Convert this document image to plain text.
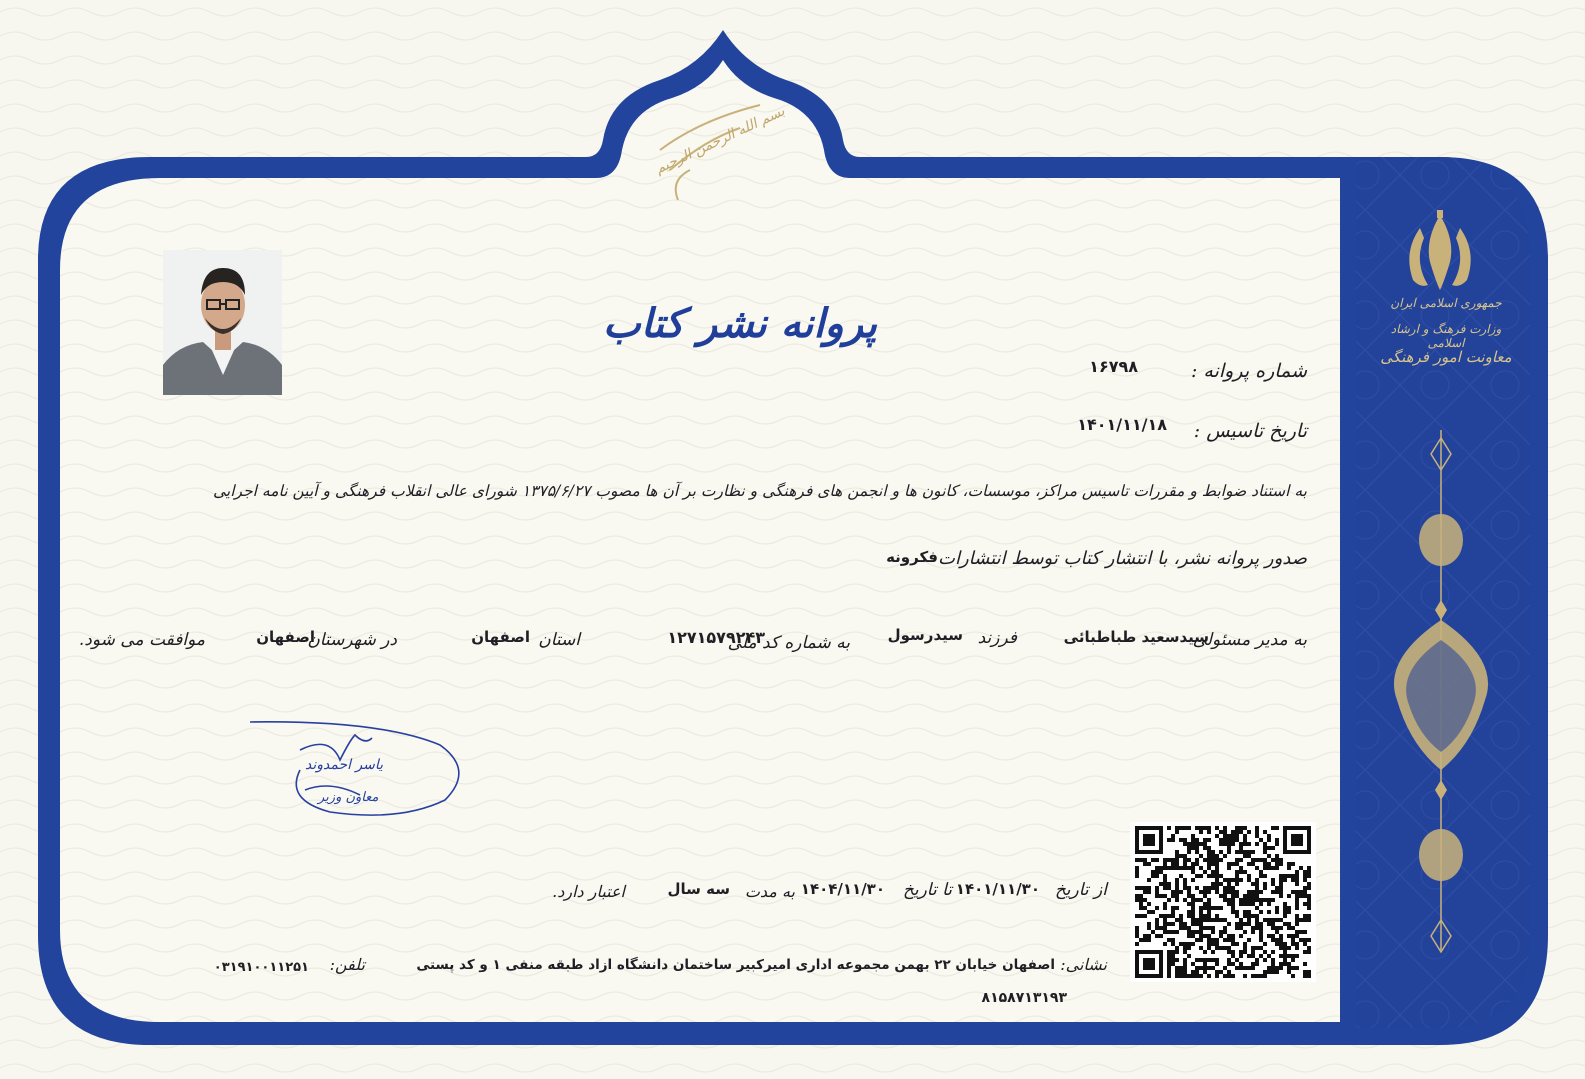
بسم الله الرحمن الرحیم
پروانه نشر کتاب
شماره پروانه :
۱۶۷۹۸
تاریخ تاسیس :
۱۴۰۱/۱۱/۱۸
به استناد ضوابط و مقررات تاسیس مراکز، موسسات، کانون ها و انجمن های فرهنگی و نظارت بر آن ها مصوب ۱۳۷۵/۶/۲۷ شورای عالی انقلاب فرهنگی و آیین نامه اجرایی
صدور پروانه نشر، با انتشار کتاب توسط انتشارات
فکرونه
به مدیر مسئولی
سیدسعید طباطبائی
فرزند
سیدرسول
به شماره کد ملی
۱۲۷۱۵۷۹۲۴۳
استان
اصفهان
در شهرستان
اصفهان
موافقت می شود.
یاسر احمدوند
معاون وزیر
از تاریخ
۱۴۰۱/۱۱/۳۰
تا تاریخ
۱۴۰۴/۱۱/۳۰
به مدت
سه سال
اعتبار دارد.
نشانی:
اصفهان خیابان ۲۲ بهمن مجموعه اداری امیرکبیر ساختمان دانشگاه ازاد طبقه منفی ۱ و کد پستی
۸۱۵۸۷۱۳۱۹۳
تلفن:
۰۳۱۹۱۰۰۱۱۲۵۱
جمهوری اسلامی ایران
وزارت فرهنگ و ارشاد اسلامی
معاونت امور فرهنگی
